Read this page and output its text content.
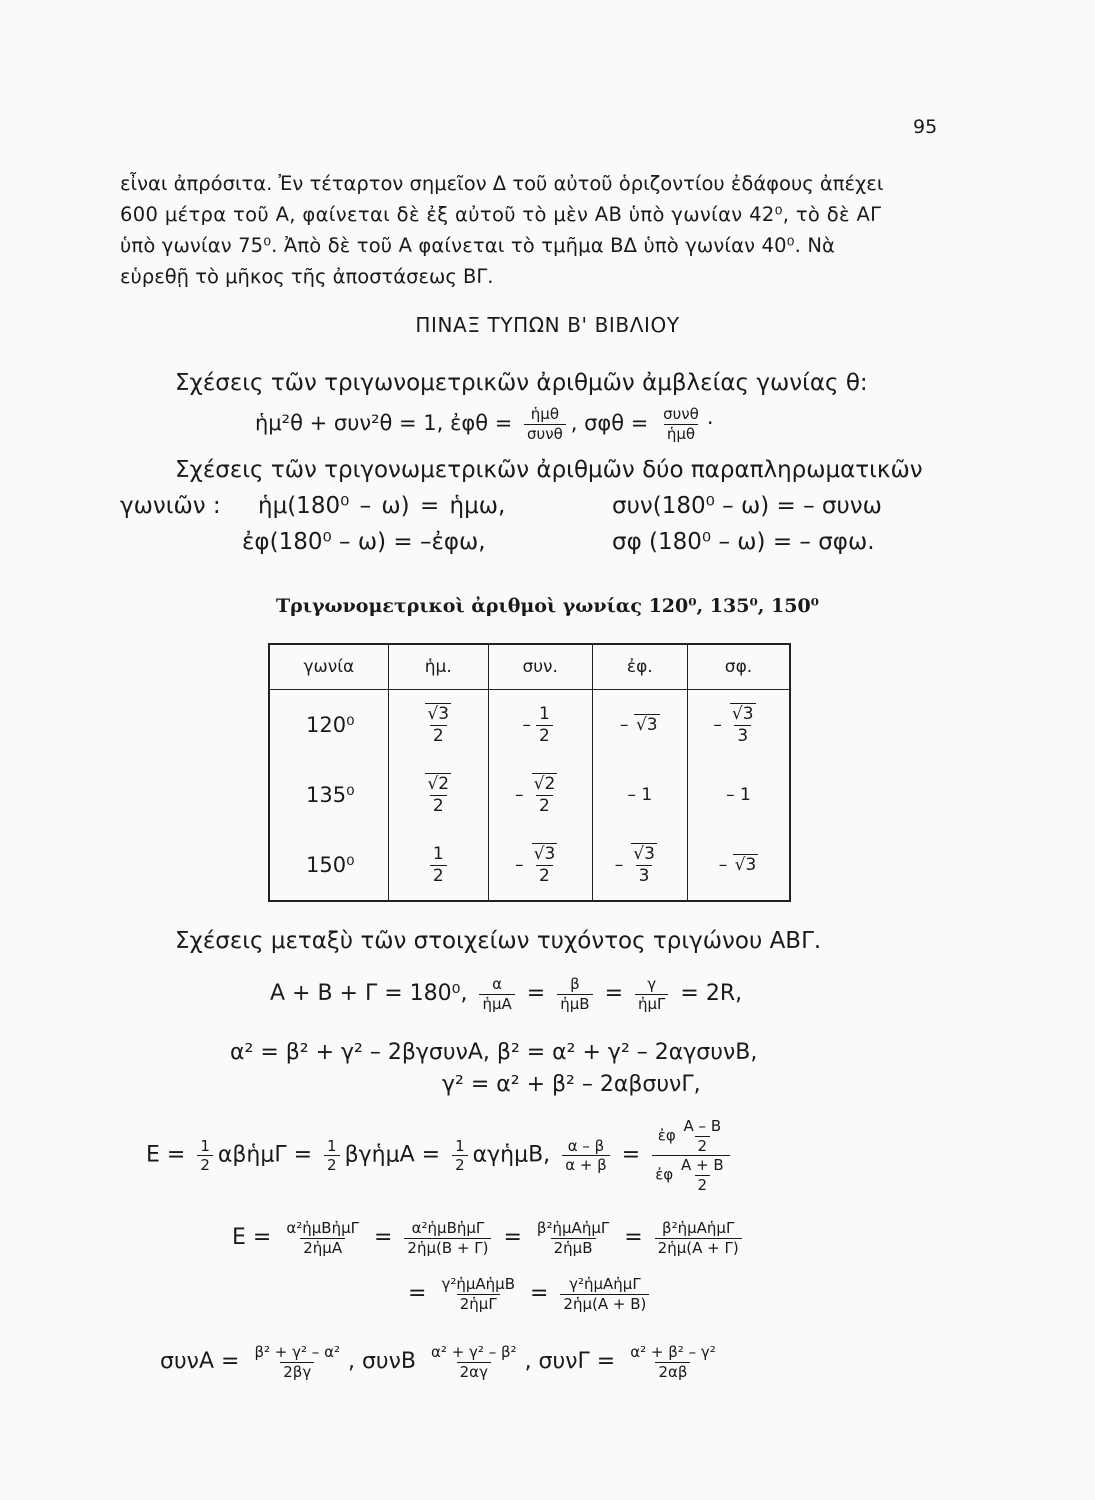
95
εἶναι ἀπρόσιτα. Ἐν τέταρτον σημεῖον Δ τοῦ αὐτοῦ ὁριζοντίου ἐδάφους ἀπέχει
600 μέτρα τοῦ Α, φαίνεται δὲ ἐξ αὐτοῦ τὸ μὲν ΑΒ ὑπὸ γωνίαν 42⁰, τὸ δὲ ΑΓ
ὑπὸ γωνίαν 75⁰. Ἀπὸ δὲ τοῦ Α φαίνεται τὸ τμῆμα ΒΔ ὑπὸ γωνίαν 40⁰. Νὰ
εὑρεθῇ τὸ μῆκος τῆς ἀποστάσεως ΒΓ.
ΠΙΝΑΞ ΤΥΠΩΝ Β' ΒΙΒΛΙΟΥ
Σχέσεις τῶν τριγωνομετρικῶν ἀριθμῶν ἀμβλείας γωνίας θ:
ἡμ²θ + συν²θ = 1, ἐφθ = $\frac{\text{ἡμθ}}{\text{συνθ}}$ , $\sigma\varphi\theta = \frac{\text{συνθ}}{\text{ἡμθ}}$ ·
Σχέσεις τῶν τριγονωμετρικῶν ἀριθμῶν δύο παραπληρωματικῶν
γωνιῶν : ἡμ(180⁰ – ω) = ἡμω,	συν(180⁰ – ω) = – συνω
ἐφ(180⁰ – ω) = –ἐφω,	σφ (180⁰ – ω) = – σφω.
Τριγωνομετρικοὶ ἀριθμοὶ γωνίας 120⁰, 135⁰, 150⁰
γωνία	ἡμ.	συν.	ἐφ.	σφ.
120⁰	$\frac{√3}{2}$	– $\frac{1}{2}$	– √3	– $\frac{√3}{3}$

135⁰	$\frac{√2}{2}$	– $\frac{√2}{2}$	– 1	– 1
150⁰	$\frac{1}{2}$	– $\frac{√3}{2}$	– $\frac{√3}{3}$	– √3
Σχέσεις μεταξὺ τῶν στοιχείων τυχόντος τριγώνου ΑΒΓ.
Α + Β + Γ = 180⁰, $\frac{\alpha}{\text{ἡμΑ}} = \frac{\beta}{\text{ἡμΒ}} = \frac{\gamma}{\text{ἡμΓ}} = 2R$,
α² = β² + γ² – 2βγσυνΑ, β² = α² + γ² – 2αγσυνΒ,
γ² = α² + β² – 2αβσυνΓ,
$E = \frac{1}{2}$ αβἡμΓ = $\frac{1}{2}$ βγἡμΑ = $\frac{1}{2}$ αγἡμΒ, $\frac{\alpha - \beta}{\alpha + \beta} = \frac{ἐ\varphi \frac{A - B}{2}}{ἐ\varphi \frac{A + B}{2}}$
$E = \frac{\text{α²ἡμΒἡμΓ}}{\text{2ἡμΑ}} = \frac{\text{α²ἡμΒἡμΓ}}{\text{2ἡμ(Β + Γ)}} = \frac{\text{β²ἡμΑἡμΓ}}{\text{2ἡμΒ}} = \frac{\text{β²ἡμΑἡμΓ}}{\text{2ἡμ(Α + Γ)}}$
= $\frac{\text{γ²ἡμΑἡμΒ}}{\text{2ἡμΓ}} = \frac{\text{γ²ἡμΑἡμΓ}}{\text{2ἡμ(Α + Β)}}$
$\sigma\upsilon\nu A = \frac{\text{β² + γ² – α²}}{2\beta\gamma}$ , συνΒ $\frac{\text{α² + γ² – β²}}{2\alpha\gamma}$ , $\sigma\upsilon\nu\Gamma = \frac{\text{α² + β² – γ²}}{2\alpha\beta}$
